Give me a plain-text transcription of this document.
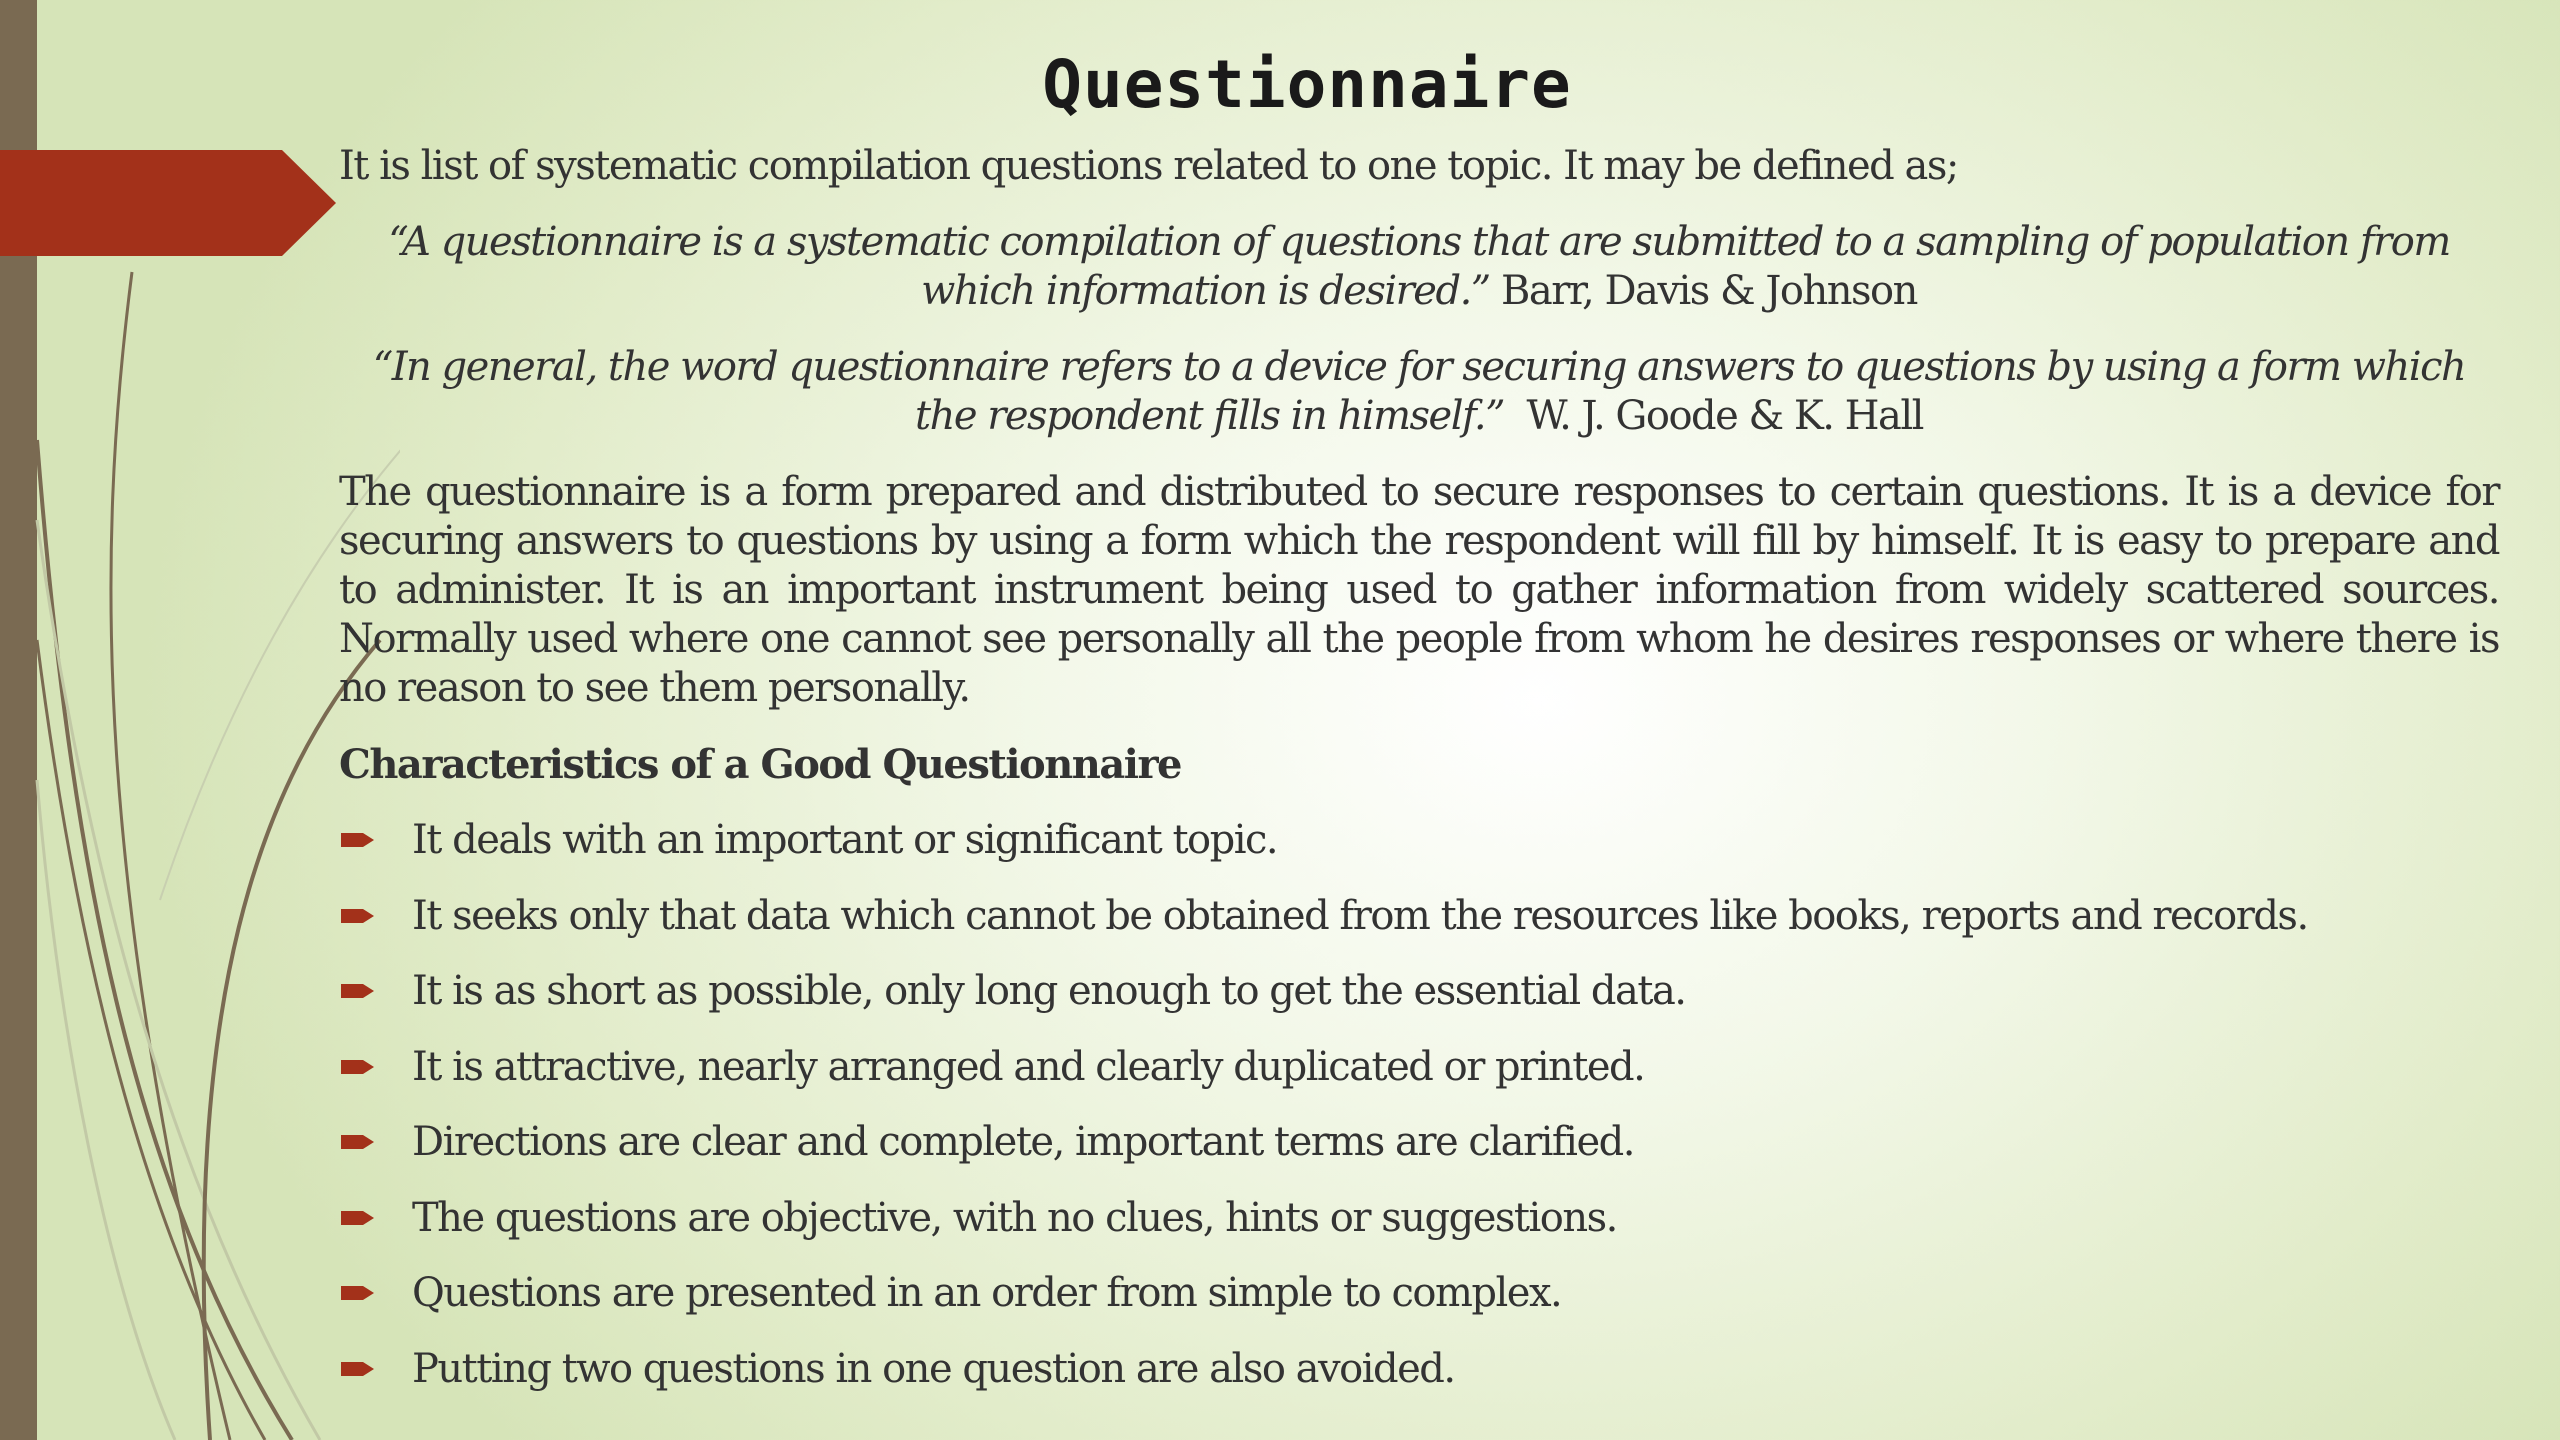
Questionnaire

It is list of systematic compilation questions related to one topic. It may be defined as;

“A questionnaire is a systematic compilation of questions that are submitted to a sampling of population from which information is desired.” Barr, Davis & Johnson

“In general, the word questionnaire refers to a device for securing answers to questions by using a form which the respondent fills in himself.” W. J. Goode & K. Hall

The questionnaire is a form prepared and distributed to secure responses to certain questions. It is a device for securing answers to questions by using a form which the respondent will fill by himself. It is easy to prepare and to administer. It is an important instrument being used to gather information from widely scattered sources. Normally used where one cannot see personally all the people from whom he desires responses or where there is no reason to see them personally.

Characteristics of a Good Questionnaire

It deals with an important or significant topic.
It seeks only that data which cannot be obtained from the resources like books, reports and records.
It is as short as possible, only long enough to get the essential data.
It is attractive, nearly arranged and clearly duplicated or printed.
Directions are clear and complete, important terms are clarified.
The questions are objective, with no clues, hints or suggestions.
Questions are presented in an order from simple to complex.
Putting two questions in one question are also avoided.
